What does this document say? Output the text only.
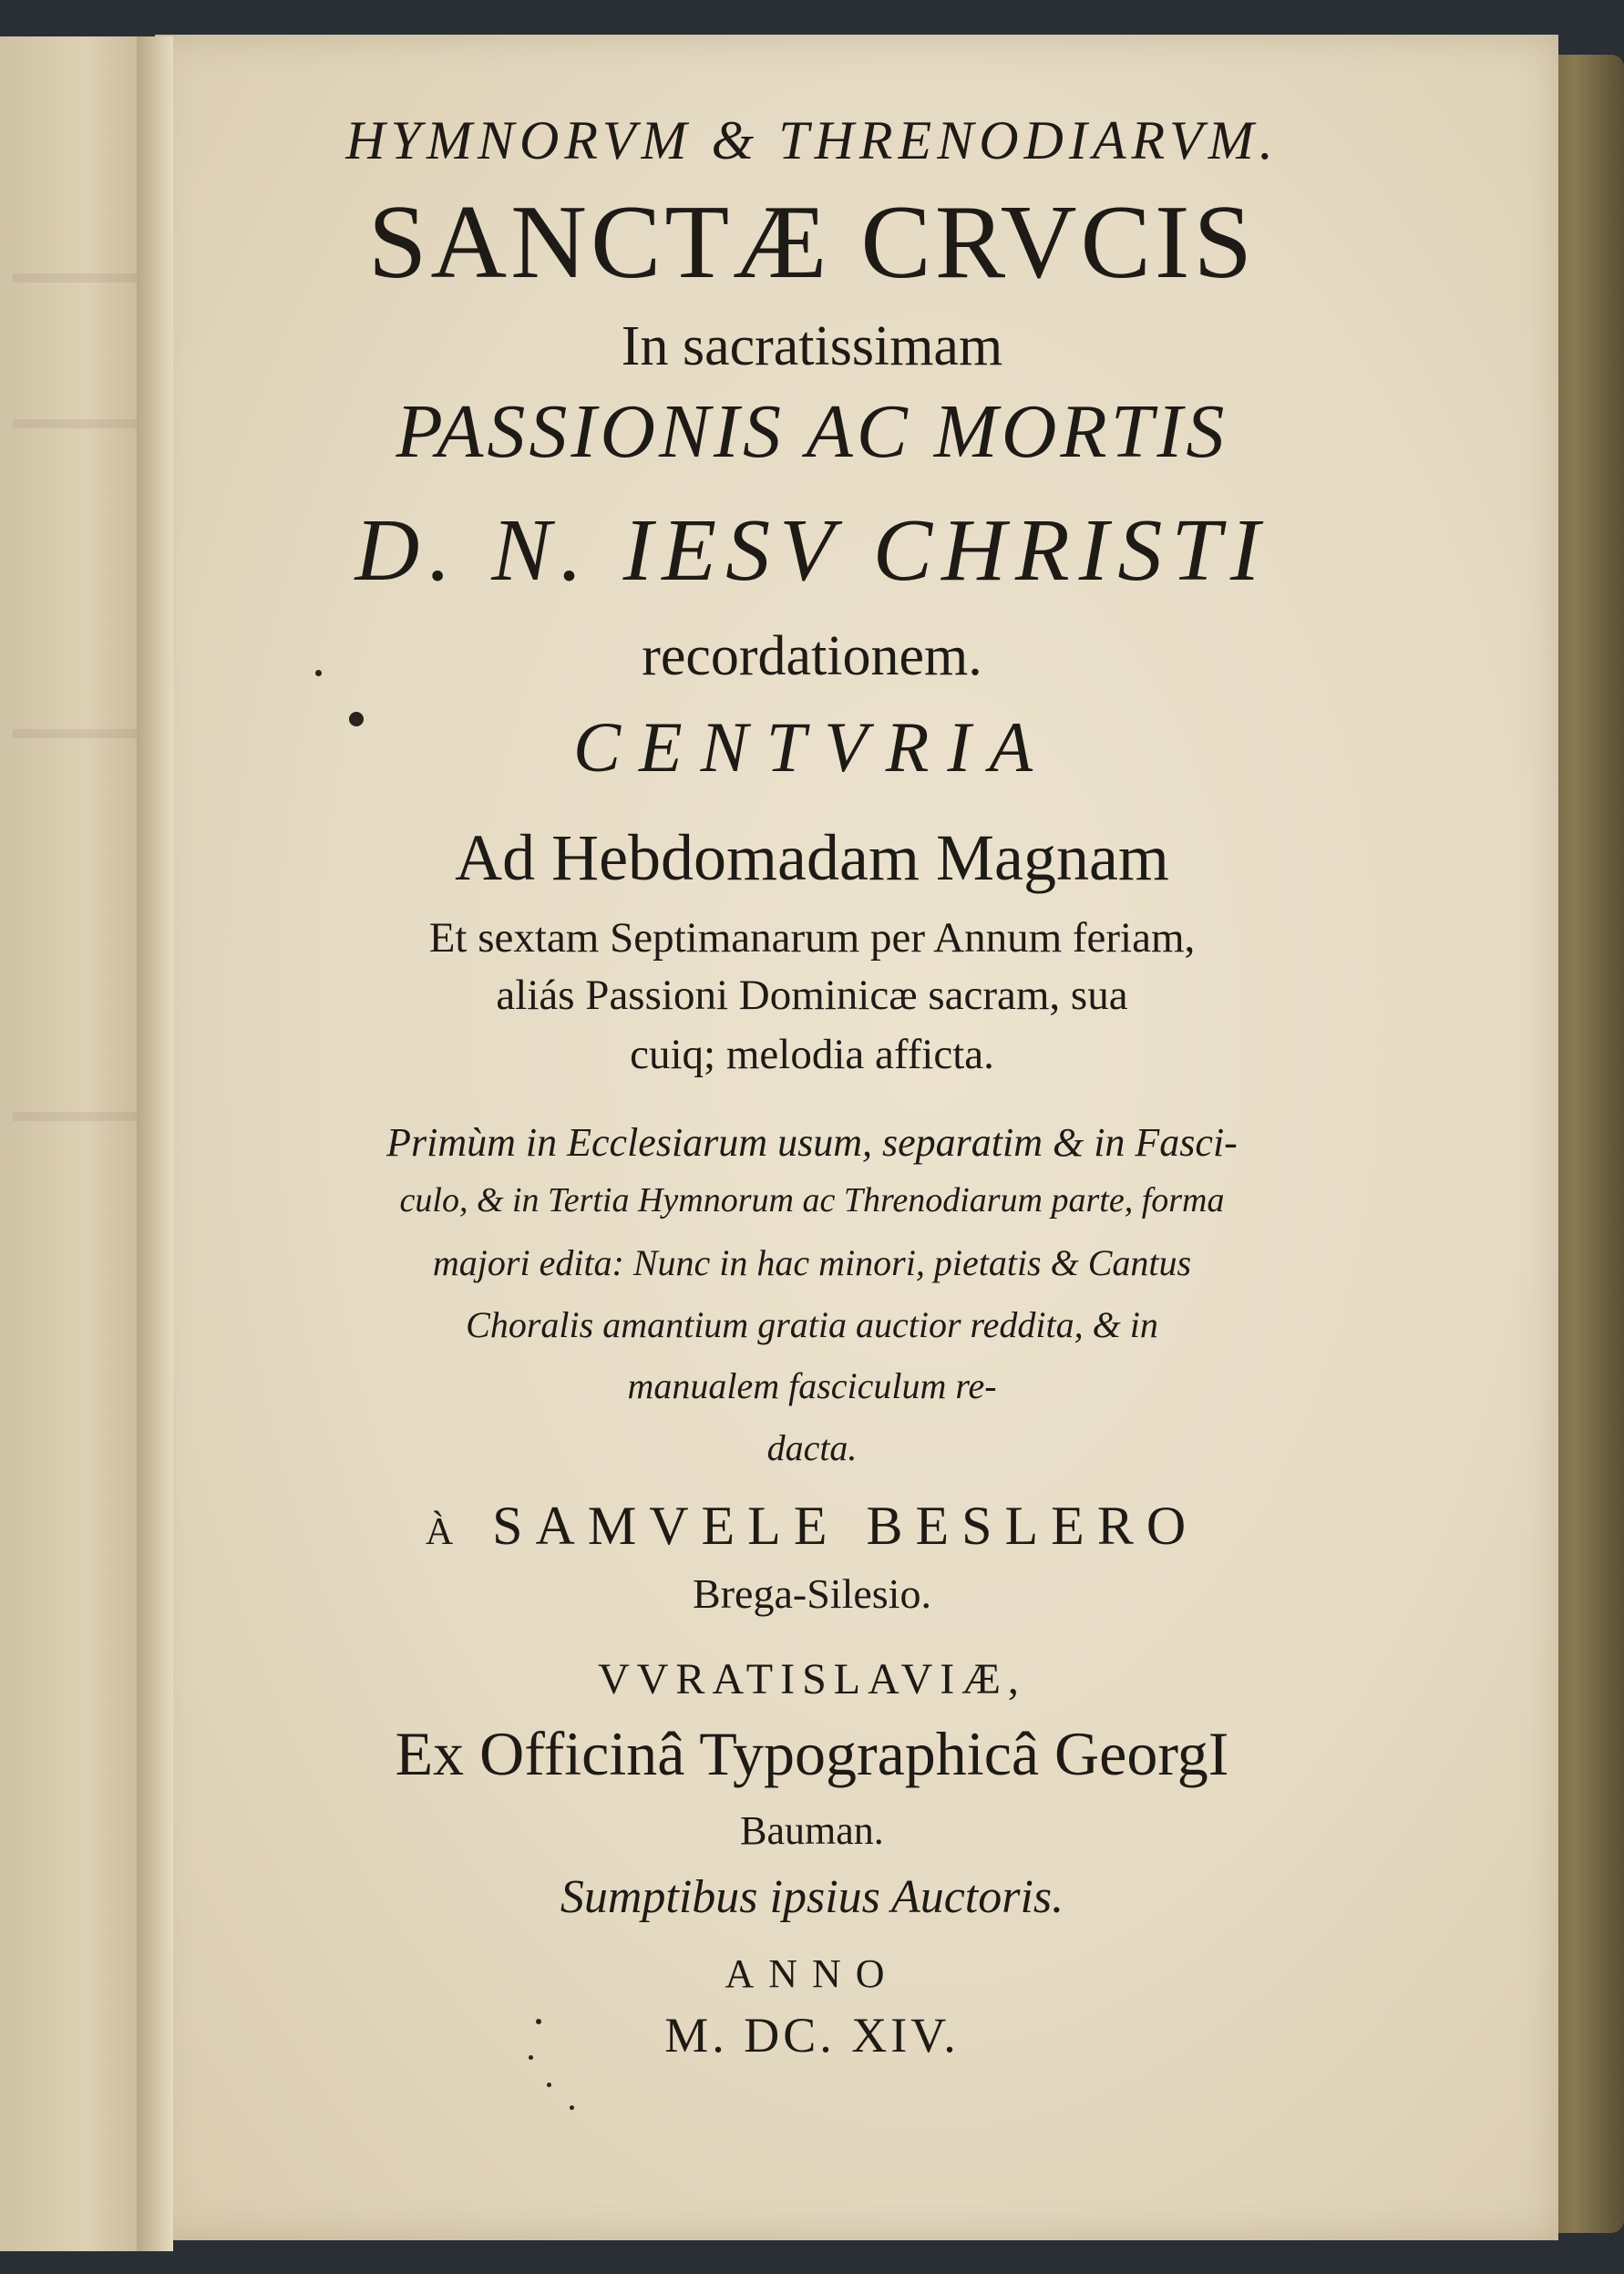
HYMNORVM & THRENODIARVM.

SANCTÆ CRVCIS

In sacratissimam

PASSIONIS AC MORTIS

D. N. IESV CHRISTI

recordationem.

CENTVRIA

Ad Hebdomadam Magnam

Et sextam Septimanarum per Annum feriam,

aliás Passioni Dominicæ sacram, sua

cuiq; melodia affictа.

Primùm in Ecclesiarum usum, separatim & in Fasci-

culo, & in Tertia Hymnorum ac Threnodiarum parte, forma

majori edita: Nunc in hac minori, pietatis & Cantus

Choralis amantium gratia auctior reddita, & in

manualem fasciculum re-

dacta.

à SAMVELE BESLERO

Brega-Silesio.

VVRATISLAVIÆ,

Ex Officinâ Typographicâ GeorgI

Bauman.

Sumptibus ipsius Auctoris.

ANNO

M. DC. XIV.
